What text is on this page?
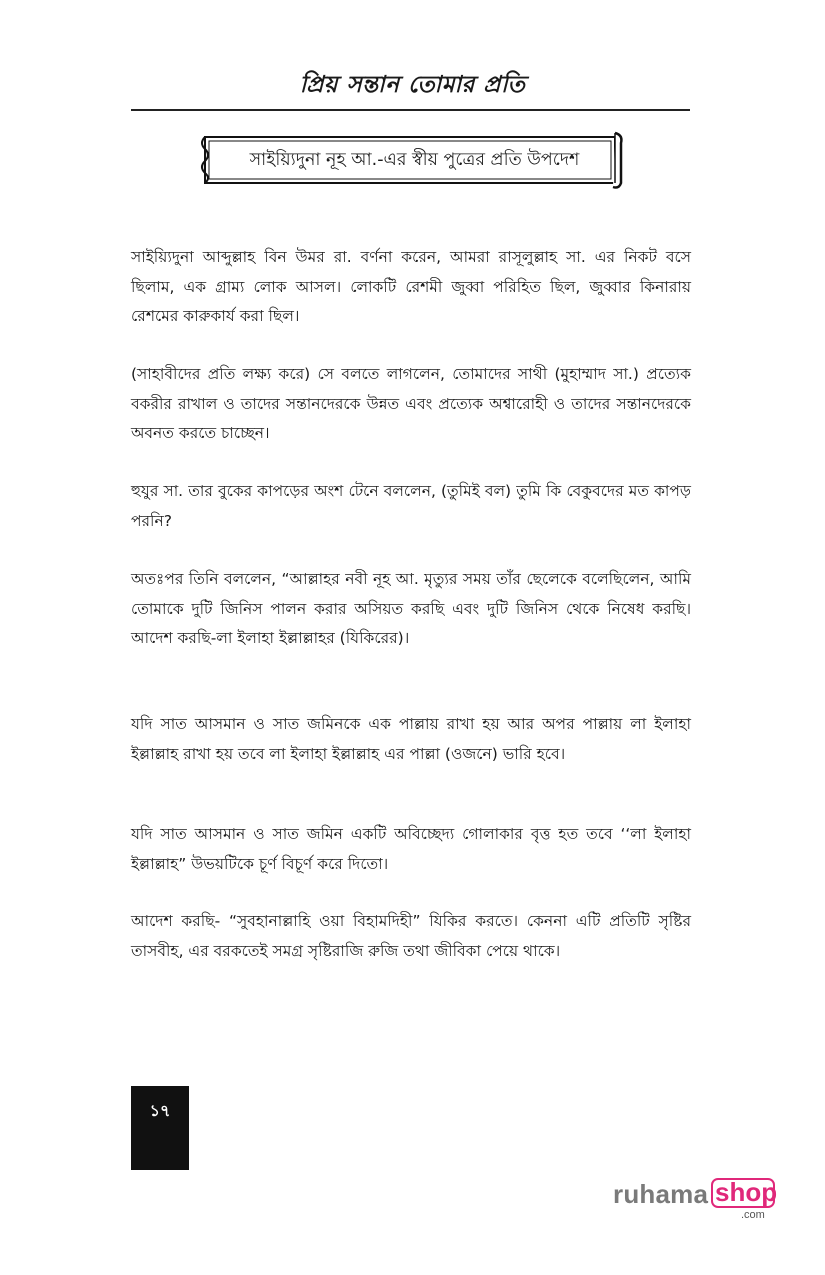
প্রিয় সন্তান তোমার প্রতি
সাইয়্যিদুনা নূহ আ.-এর স্বীয় পুত্রের প্রতি উপদেশ

সাইয়্যিদুনা আব্দুল্লাহ বিন উমর রা. বর্ণনা করেন, আমরা রাসূলুল্লাহ সা. এর নিকট বসে ছিলাম, এক গ্রাম্য লোক আসল। লোকটি রেশমী জুব্বা পরিহিত ছিল, জুব্বার কিনারায় রেশমের কারুকার্য করা ছিল।

(সাহাবীদের প্রতি লক্ষ্য করে) সে বলতে লাগলেন, তোমাদের সাথী (মুহাম্মাদ সা.) প্রত্যেক বকরীর রাখাল ও তাদের সন্তানদেরকে উন্নত এবং প্রত্যেক অশ্বারোহী ও তাদের সন্তানদেরকে অবনত করতে চাচ্ছেন।

হুযুর সা. তার বুকের কাপড়ের অংশ টেনে বললেন, (তুমিই বল) তুমি কি বেকুবদের মত কাপড় পরনি?

অতঃপর তিনি বললেন, “আল্লাহর নবী নূহ আ. মৃত্যুর সময় তাঁর ছেলেকে বলেছিলেন, আমি তোমাকে দুটি জিনিস পালন করার অসিয়ত করছি এবং দুটি জিনিস থেকে নিষেধ করছি। আদেশ করছি-লা ইলাহা ইল্লাল্লাহর (যিকিরের)।

যদি সাত আসমান ও সাত জমিনকে এক পাল্লায় রাখা হয় আর অপর পাল্লায় লা ইলাহা ইল্লাল্লাহ রাখা হয় তবে লা ইলাহা ইল্লাল্লাহ এর পাল্লা (ওজনে) ভারি হবে।

যদি সাত আসমান ও সাত জমিন একটি অবিচ্ছেদ্য গোলাকার বৃত্ত হত তবে ‘‘লা ইলাহা ইল্লাল্লাহ” উভয়টিকে চূর্ণ বিচূর্ণ করে দিতো।

আদেশ করছি- “সুবহানাল্লাহি ওয়া বিহামদিহী” যিকির করতে। কেননা এটি প্রতিটি সৃষ্টির তাসবীহ, এর বরকতেই সমগ্র সৃষ্টিরাজি রুজি তথা জীবিকা পেয়ে থাকে।

১৭
ruhama shop
.com
